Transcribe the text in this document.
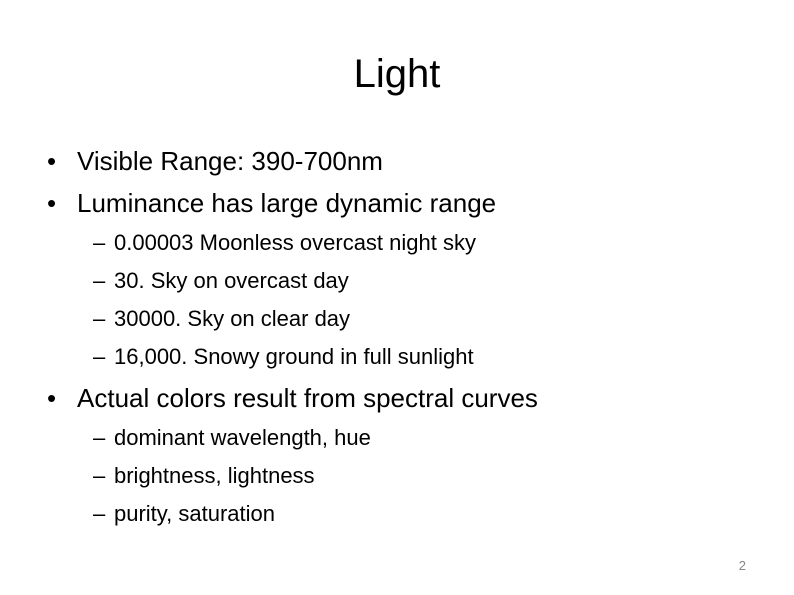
Light
• Visible Range: 390-700nm
• Luminance has large dynamic range
– 0.00003 Moonless overcast night sky
– 30. Sky on overcast day
– 30000. Sky on clear day
– 16,000. Snowy ground in full sunlight
• Actual colors result from spectral curves
– dominant wavelength, hue
– brightness, lightness
– purity, saturation
2
